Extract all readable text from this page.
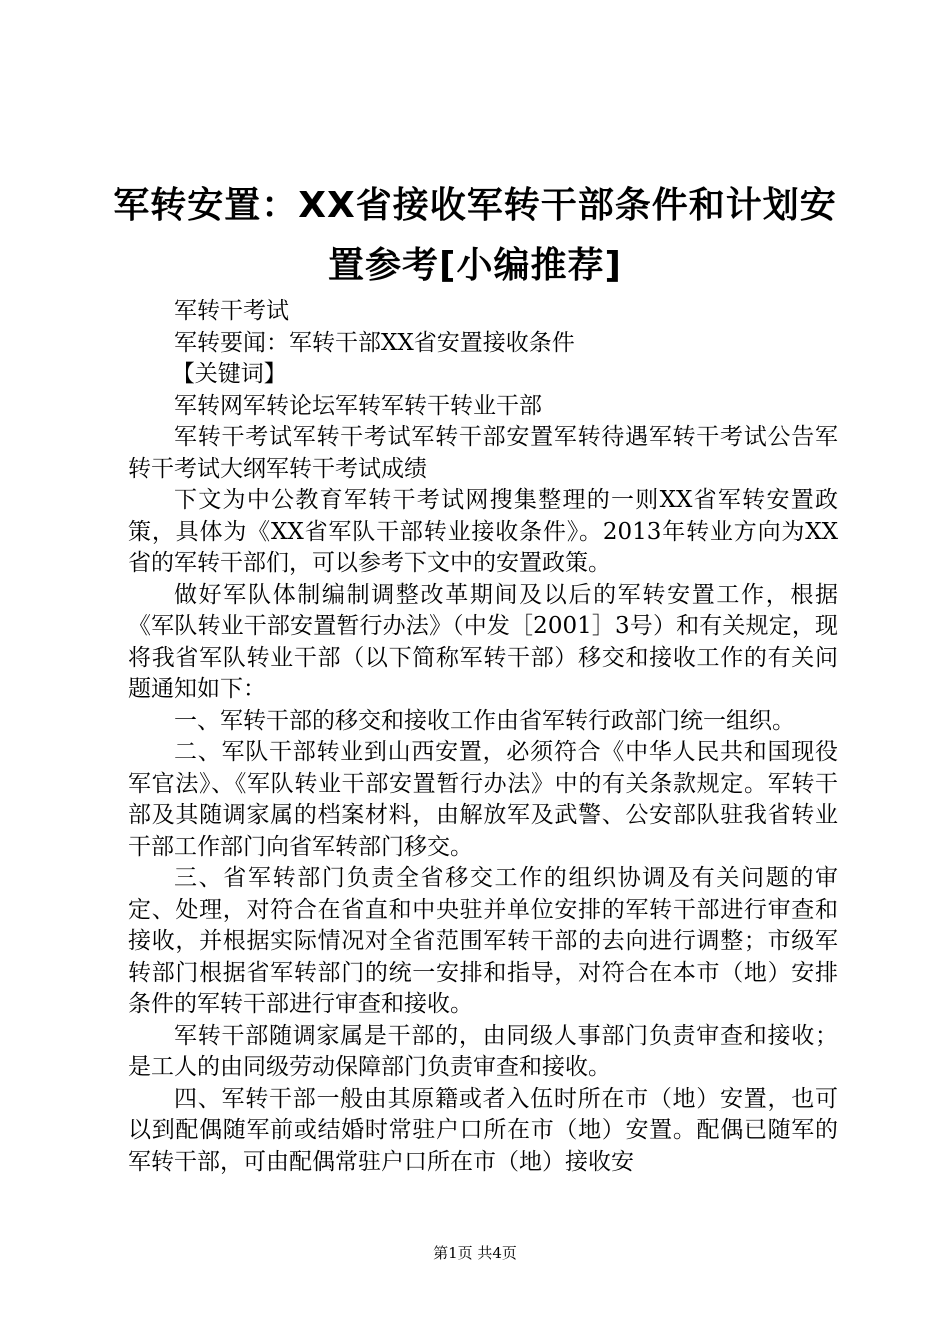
军转安置：XX省接收军转干部条件和计划安
置参考[小编推荐]

军转干考试

军转要闻：军转干部XX省安置接收条件

【关键词】

军转网军转论坛军转军转干转业干部

军转干考试军转干考试军转干部安置军转待遇军转干考试公告军转干考试大纲军转干考试成绩

下文为中公教育军转干考试网搜集整理的一则XX省军转安置政策，具体为《XX省军队干部转业接收条件》。2013年转业方向为XX省的军转干部们，可以参考下文中的安置政策。

做好军队体制编制调整改革期间及以后的军转安置工作，根据《军队转业干部安置暂行办法》（中发［2001］3号）和有关规定，现将我省军队转业干部（以下简称军转干部）移交和接收工作的有关问题通知如下：

一、军转干部的移交和接收工作由省军转行政部门统一组织。

二、军队干部转业到山西安置，必须符合《中华人民共和国现役军官法》、《军队转业干部安置暂行办法》中的有关条款规定。军转干部及其随调家属的档案材料，由解放军及武警、公安部队驻我省转业干部工作部门向省军转部门移交。

三、省军转部门负责全省移交工作的组织协调及有关问题的审定、处理，对符合在省直和中央驻并单位安排的军转干部进行审查和接收，并根据实际情况对全省范围军转干部的去向进行调整；市级军转部门根据省军转部门的统一安排和指导，对符合在本市（地）安排条件的军转干部进行审查和接收。

军转干部随调家属是干部的，由同级人事部门负责审查和接收；是工人的由同级劳动保障部门负责审查和接收。

四、军转干部一般由其原籍或者入伍时所在市（地）安置，也可以到配偶随军前或结婚时常驻户口所在市（地）安置。配偶已随军的军转干部，可由配偶常驻户口所在市（地）接收安

第1页 共4页
